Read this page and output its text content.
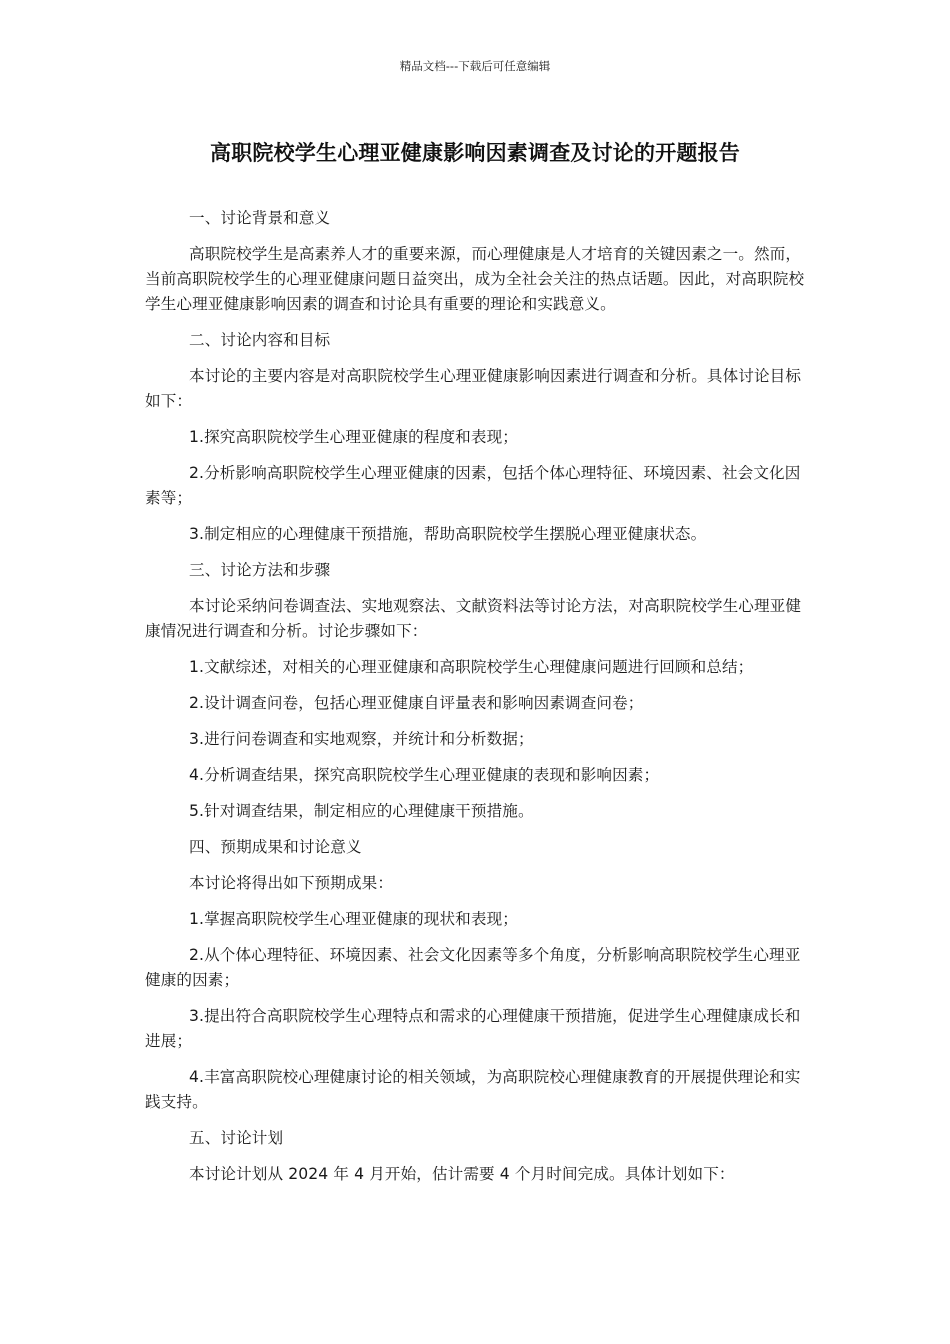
精品文档---下载后可任意编辑
高职院校学生心理亚健康影响因素调查及讨论的开题报告

一、讨论背景和意义

高职院校学生是高素养人才的重要来源，而心理健康是人才培育的关键因素之一。然而，当前高职院校学生的心理亚健康问题日益突出，成为全社会关注的热点话题。因此，对高职院校学生心理亚健康影响因素的调查和讨论具有重要的理论和实践意义。

二、讨论内容和目标

本讨论的主要内容是对高职院校学生心理亚健康影响因素进行调查和分析。具体讨论目标如下：

1.探究高职院校学生心理亚健康的程度和表现；

2.分析影响高职院校学生心理亚健康的因素，包括个体心理特征、环境因素、社会文化因素等；

3.制定相应的心理健康干预措施，帮助高职院校学生摆脱心理亚健康状态。

三、讨论方法和步骤

本讨论采纳问卷调查法、实地观察法、文献资料法等讨论方法，对高职院校学生心理亚健康情况进行调查和分析。讨论步骤如下：

1.文献综述，对相关的心理亚健康和高职院校学生心理健康问题进行回顾和总结；

2.设计调查问卷，包括心理亚健康自评量表和影响因素调查问卷；

3.进行问卷调查和实地观察，并统计和分析数据；

4.分析调查结果，探究高职院校学生心理亚健康的表现和影响因素；

5.针对调查结果，制定相应的心理健康干预措施。

四、预期成果和讨论意义

本讨论将得出如下预期成果：

1.掌握高职院校学生心理亚健康的现状和表现；

2.从个体心理特征、环境因素、社会文化因素等多个角度，分析影响高职院校学生心理亚健康的因素；

3.提出符合高职院校学生心理特点和需求的心理健康干预措施，促进学生心理健康成长和进展；

4.丰富高职院校心理健康讨论的相关领域，为高职院校心理健康教育的开展提供理论和实践支持。

五、讨论计划

本讨论计划从 2024 年 4 月开始，估计需要 4 个月时间完成。具体计划如下：
